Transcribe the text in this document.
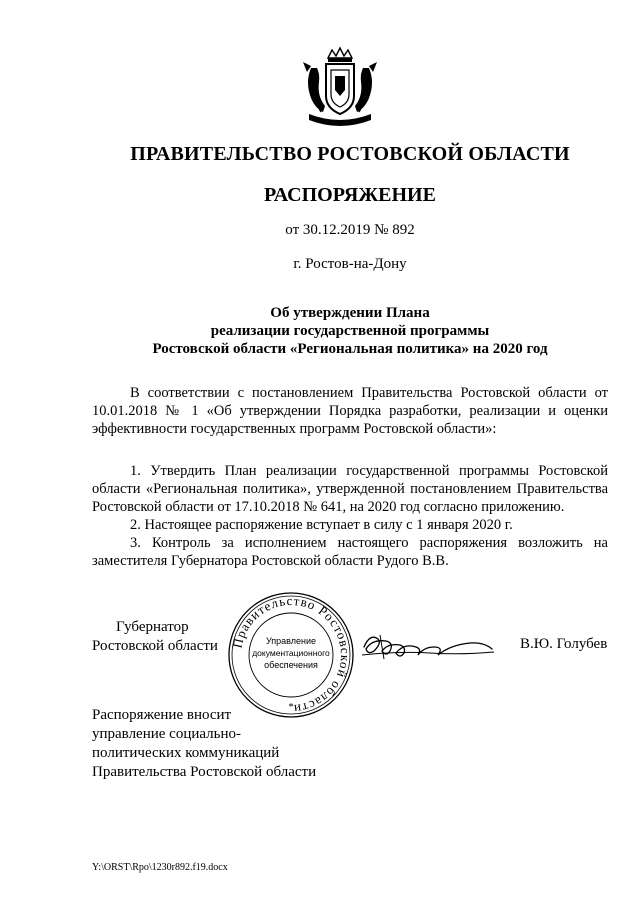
ПРАВИТЕЛЬСТВО РОСТОВСКОЙ ОБЛАСТИ
РАСПОРЯЖЕНИЕ
от 30.12.2019 № 892
г. Ростов-на-Дону
Об утверждении Плана
реализации государственной программы
Ростовской области «Региональная политика» на 2020 год
В соответствии с постановлением Правительства Ростовской области от 10.01.2018 № 1 «Об утверждении Порядка разработки, реализации и оценки эффективности государственных программ Ростовской области»:
1. Утвердить План реализации государственной программы Ростовской области «Региональная политика», утвержденной постановлением Правительства Ростовской области от 17.10.2018 № 641, на 2020 год согласно приложению.
2. Настоящее распоряжение вступает в силу с 1 января 2020 г.
3. Контроль за исполнением настоящего распоряжения возложить на заместителя Губернатора Ростовской области Рудого В.В.
Губернатор
Ростовской области Правительство Ростовской области
Управление
документационного
обеспечения
*
В.Ю. Голубев
Распоряжение вносит
управление социально-
политических коммуникаций
Правительства Ростовской области
Y:\ORST\Rpo\1230r892.f19.docx
